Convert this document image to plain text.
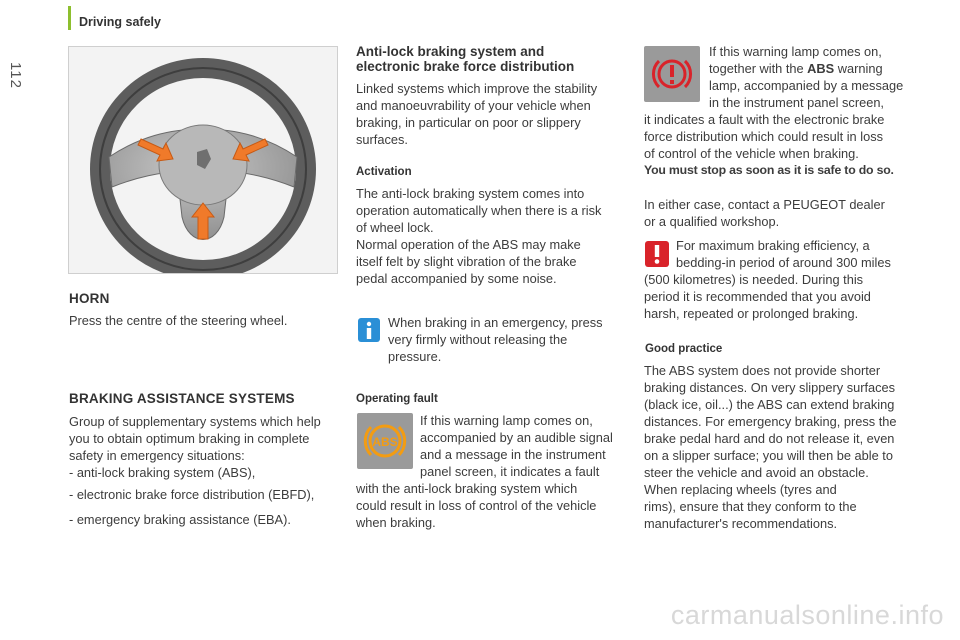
Driving safely
112
HORN

Press the centre of the steering wheel.

BRAKING ASSISTANCE SYSTEMS

Group of supplementary systems which help

you to obtain optimum braking in complete

safety in emergency situations:

- anti-lock braking system (ABS),

- electronic brake force distribution (EBFD),

- emergency braking assistance (EBA).

Anti-lock braking system and

electronic brake force distribution

Linked systems which improve the stability

and manoeuvrability of your vehicle when

braking, in particular on poor or slippery

surfaces.

Activation

The anti-lock braking system comes into

operation automatically when there is a risk

of wheel lock.

Normal operation of the ABS may make

itself felt by slight vibration of the brake

pedal accompanied by some noise.

When braking in an emergency, press

very firmly without releasing the

pressure.

Operating fault
ABS

If this warning lamp comes on,

accompanied by an audible signal

and a message in the instrument

panel screen, it indicates a fault

with the anti-lock braking system which

could result in loss of control of the vehicle

when braking.

If this warning lamp comes on,

together with the ABS warning

lamp, accompanied by a message

in the instrument panel screen,

it indicates a fault with the electronic brake

force distribution which could result in loss

of control of the vehicle when braking.

You must stop as soon as it is safe to do so.

In either case, contact a PEUGEOT dealer

or a qualified workshop.

For maximum braking efficiency, a

bedding-in period of around 300 miles

(500 kilometres) is needed. During this

period it is recommended that you avoid

harsh, repeated or prolonged braking.

Good practice

The ABS system does not provide shorter

braking distances. On very slippery surfaces

(black ice, oil...) the ABS can extend braking

distances. For emergency braking, press the

brake pedal hard and do not release it, even

on a slipper surface; you will then be able to

steer the vehicle and avoid an obstacle.

When replacing wheels (tyres and

rims), ensure that they conform to the

manufacturer's recommendations.

carmanualsonline.info
